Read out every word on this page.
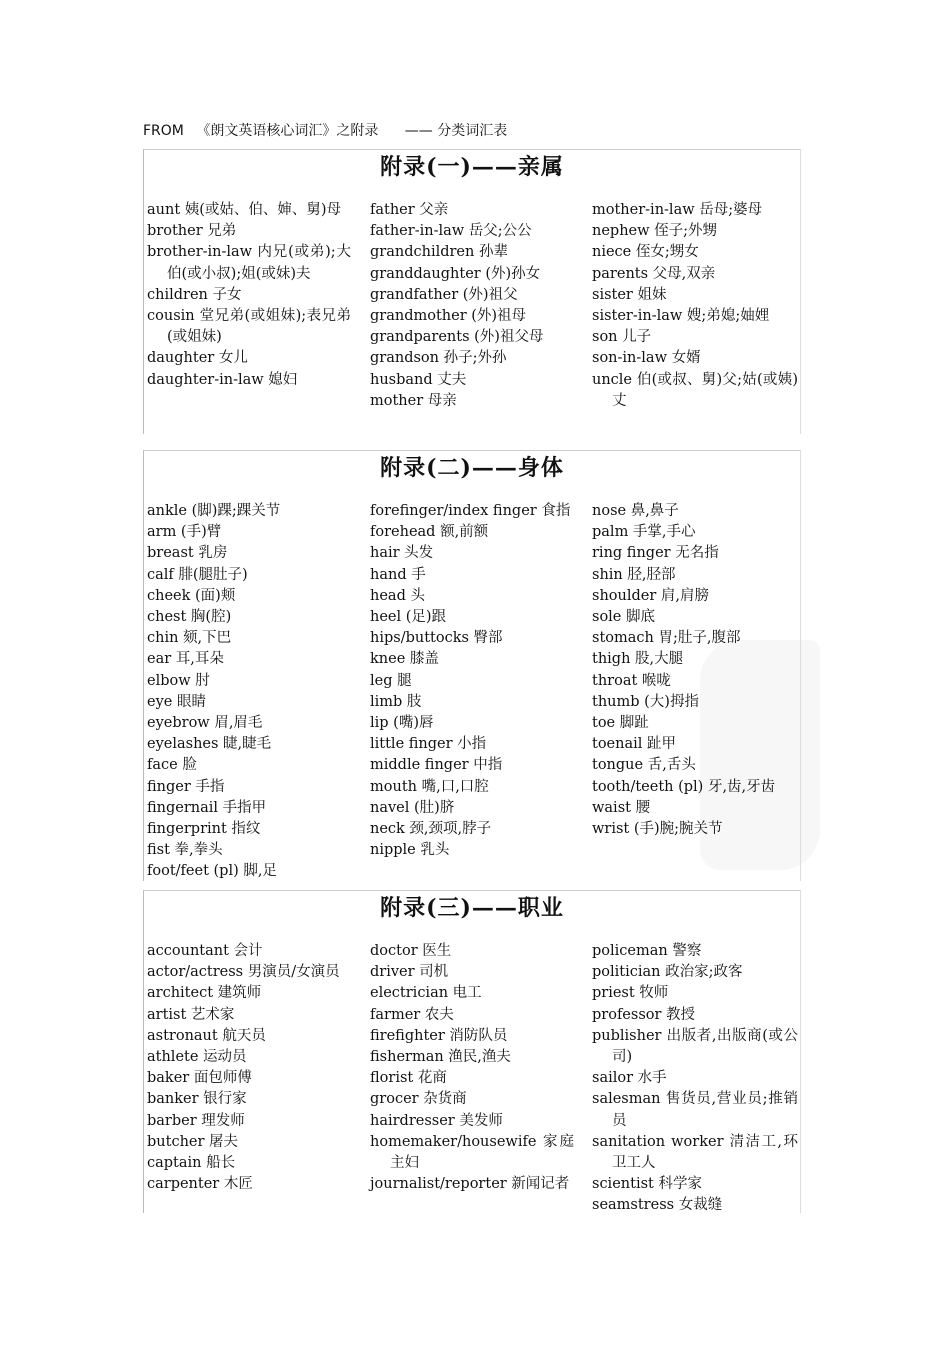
FROM 《朗文英语核心词汇》之附录 —— 分类词汇表
附录(一)——亲属
aunt 姨(或姑、伯、婶、舅)母
brother 兄弟
brother-in-law 内兄(或弟);大伯(或小叔);姐(或妹)夫
children 子女
cousin 堂兄弟(或姐妹);表兄弟(或姐妹)
daughter 女儿
daughter-in-law 媳妇
father 父亲
father-in-law 岳父;公公
grandchildren 孙辈
granddaughter (外)孙女
grandfather (外)祖父
grandmother (外)祖母
grandparents (外)祖父母
grandson 孙子;外孙
husband 丈夫
mother 母亲
mother-in-law 岳母;婆母
nephew 侄子;外甥
niece 侄女;甥女
parents 父母,双亲
sister 姐妹
sister-in-law 嫂;弟媳;妯娌
son 儿子
son-in-law 女婿
uncle 伯(或叔、舅)父;姑(或姨)丈
附录(二)——身体
ankle (脚)踝;踝关节
arm (手)臂
breast 乳房
calf 腓(腿肚子)
cheek (面)颊
chest 胸(腔)
chin 颏,下巴
ear 耳,耳朵
elbow 肘
eye 眼睛
eyebrow 眉,眉毛
eyelashes 睫,睫毛
face 脸
finger 手指
fingernail 手指甲
fingerprint 指纹
fist 拳,拳头
foot/feet (pl) 脚,足
forefinger/index finger 食指
forehead 额,前额
hair 头发
hand 手
head 头
heel (足)跟
hips/buttocks 臀部
knee 膝盖
leg 腿
limb 肢
lip (嘴)唇
little finger 小指
middle finger 中指
mouth 嘴,口,口腔
navel (肚)脐
neck 颈,颈项,脖子
nipple 乳头
nose 鼻,鼻子
palm 手掌,手心
ring finger 无名指
shin 胫,胫部
shoulder 肩,肩膀
sole 脚底
stomach 胃;肚子,腹部
thigh 股,大腿
throat 喉咙
thumb (大)拇指
toe 脚趾
toenail 趾甲
tongue 舌,舌头
tooth/teeth (pl) 牙,齿,牙齿
waist 腰
wrist (手)腕;腕关节
附录(三)——职业
accountant 会计
actor/actress 男演员/女演员
architect 建筑师
artist 艺术家
astronaut 航天员
athlete 运动员
baker 面包师傅
banker 银行家
barber 理发师
butcher 屠夫
captain 船长
carpenter 木匠
doctor 医生
driver 司机
electrician 电工
farmer 农夫
firefighter 消防队员
fisherman 渔民,渔夫
florist 花商
grocer 杂货商
hairdresser 美发师
homemaker/housewife 家庭主妇
journalist/reporter 新闻记者
policeman 警察
politician 政治家;政客
priest 牧师
professor 教授
publisher 出版者,出版商(或公司)
sailor 水手
salesman 售货员,营业员;推销员
sanitation worker 清洁工,环卫工人
scientist 科学家
seamstress 女裁缝
